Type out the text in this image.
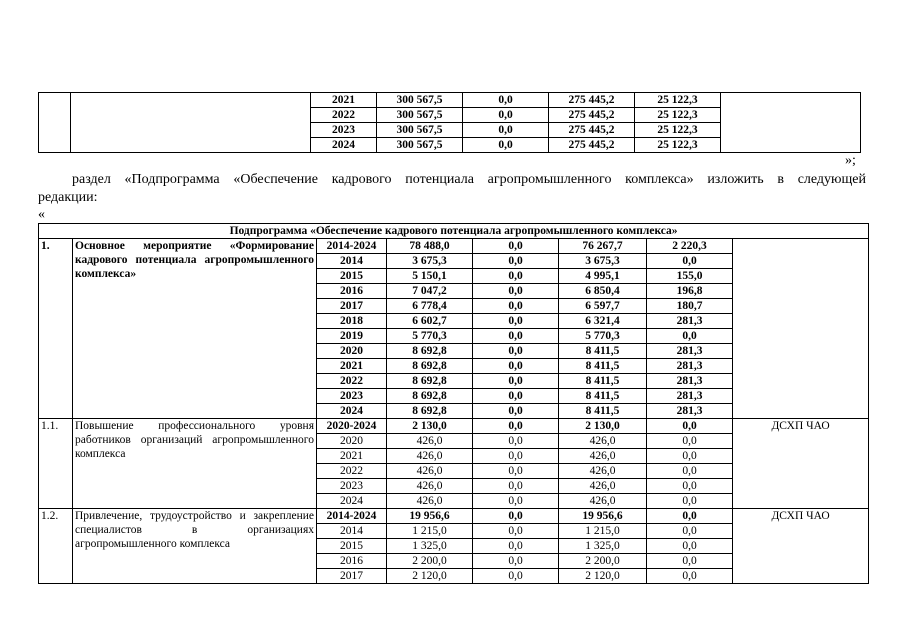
		2021	300 567,5	0,0	275 445,2	25 122,3	
		2022	300 567,5	0,0	275 445,2	25 122,3	
		2023	300 567,5	0,0	275 445,2	25 122,3	
		2024	300 567,5	0,0	275 445,2	25 122,3	
»;
раздел «Подпрограмма «Обеспечение кадрового потенциала агропромышленного комплекса» изложить в следующей
редакции:
«
Подпрограмма «Обеспечение кадрового потенциала агропромышленного комплекса»							
1.	Основное мероприятие «Формирование кадрового потенциала агропромышленного комплекса»	2014-2024	78 488,0	0,0	76 267,7	2 220,3	
		2014	3 675,3	0,0	3 675,3	0,0	
		2015	5 150,1	0,0	4 995,1	155,0	
		2016	7 047,2	0,0	6 850,4	196,8	
		2017	6 778,4	0,0	6 597,7	180,7	
		2018	6 602,7	0,0	6 321,4	281,3	
		2019	5 770,3	0,0	5 770,3	0,0	
		2020	8 692,8	0,0	8 411,5	281,3	
		2021	8 692,8	0,0	8 411,5	281,3	
		2022	8 692,8	0,0	8 411,5	281,3	
		2023	8 692,8	0,0	8 411,5	281,3	
		2024	8 692,8	0,0	8 411,5	281,3	
1.1.	Повышение профессионального уровня работников организаций агропромышленного комплекса	2020-2024	2 130,0	0,0	2 130,0	0,0	ДСХП ЧАО
		2020	426,0	0,0	426,0	0,0	
		2021	426,0	0,0	426,0	0,0	
		2022	426,0	0,0	426,0	0,0	
		2023	426,0	0,0	426,0	0,0	
		2024	426,0	0,0	426,0	0,0	
1.2.	Привлечение, трудоустройство и закрепление специалистов в организациях агропромышленного комплекса	2014-2024	19 956,6	0,0	19 956,6	0,0	ДСХП ЧАО
		2014	1 215,0	0,0	1 215,0	0,0	
		2015	1 325,0	0,0	1 325,0	0,0	
		2016	2 200,0	0,0	2 200,0	0,0	
		2017	2 120,0	0,0	2 120,0	0,0	
